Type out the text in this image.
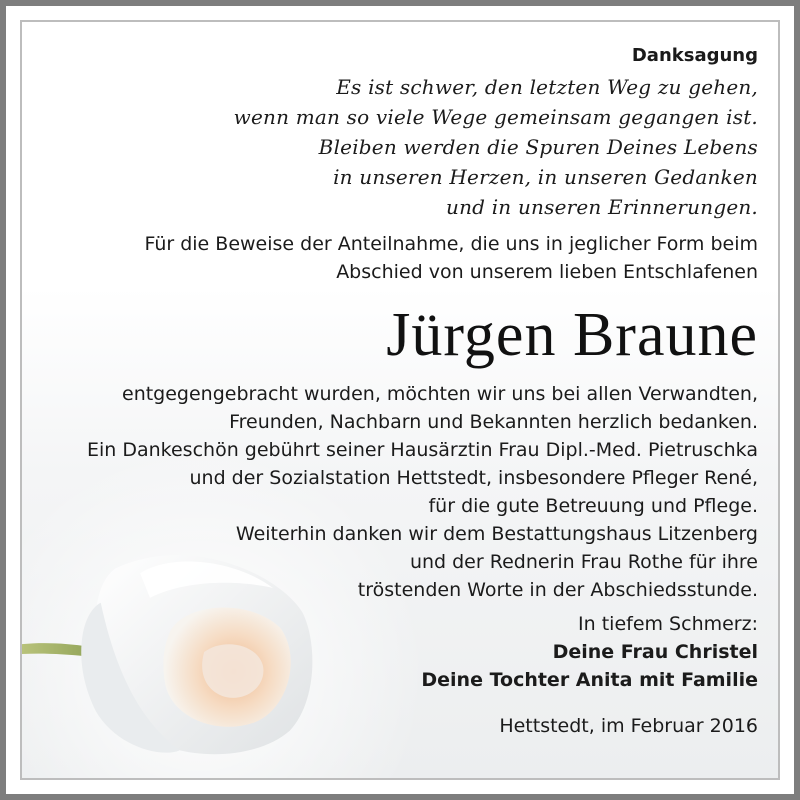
Danksagung
Es ist schwer, den letzten Weg zu gehen,
wenn man so viele Wege gemeinsam gegangen ist.
Bleiben werden die Spuren Deines Lebens
in unseren Herzen, in unseren Gedanken
und in unseren Erinnerungen.
Für die Beweise der Anteilnahme, die uns in jeglicher Form beim
Abschied von unserem lieben Entschlafenen
Jürgen Braune
entgegengebracht wurden, möchten wir uns bei allen Verwandten,
Freunden, Nachbarn und Bekannten herzlich bedanken.
Ein Dankeschön gebührt seiner Hausärztin Frau Dipl.-Med. Pietruschka
und der Sozialstation Hettstedt, insbesondere Pfleger René,
für die gute Betreuung und Pflege.
Weiterhin danken wir dem Bestattungshaus Litzenberg
und der Rednerin Frau Rothe für ihre
tröstenden Worte in der Abschiedsstunde.
In tiefem Schmerz:
Deine Frau Christel
Deine Tochter Anita mit Familie
Hettstedt, im Februar 2016
